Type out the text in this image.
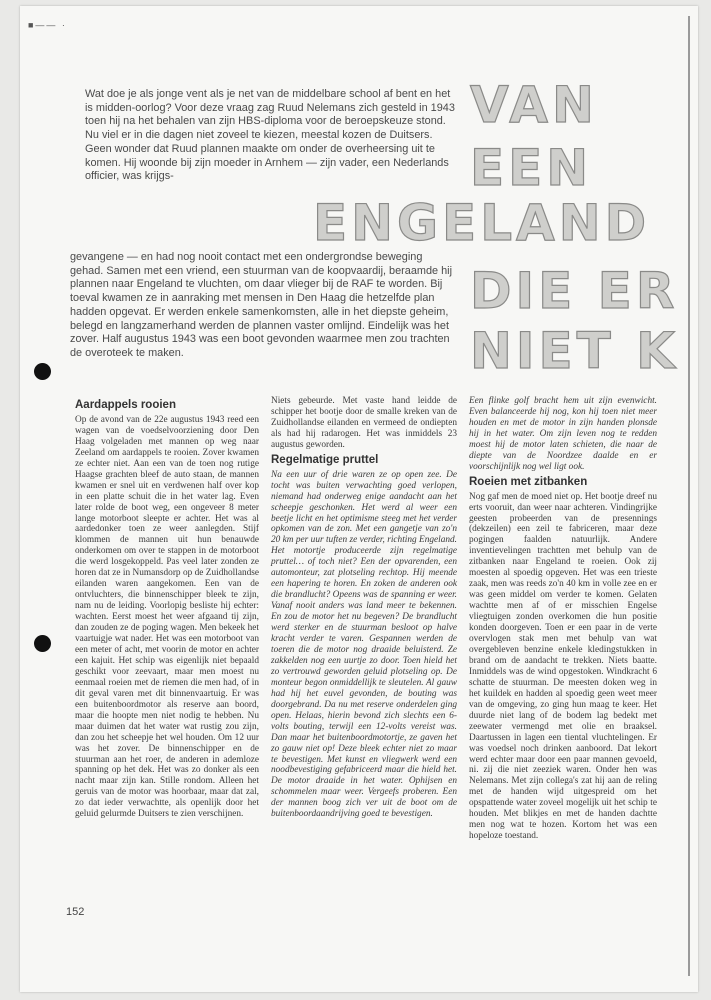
■—— ·

Wat doe je als jonge vent als je net van de middelbare school af bent en het is midden-oorlog? Voor deze vraag zag Ruud Nelemans zich gesteld in 1943 toen hij na het behalen van zijn HBS-diploma voor de beroepskeuze stond. Nu viel er in die dagen niet zoveel te kiezen, meestal kozen de Duitsers. Geen wonder dat Ruud plannen maakte om onder de overheersing uit te komen. Hij woonde bij zijn moeder in Arnhem — zijn vader, een Nederlands officier, was krijgs-

gevangene — en had nog nooit contact met een ondergrondse beweging gehad. Samen met een vriend, een stuurman van de koopvaardij, beraamde hij plannen naar Engeland te vluchten, om daar vlieger bij de RAF te worden. Bij toeval kwamen ze in aanraking met mensen in Den Haag die hetzelfde plan hadden opgevat. Er werden enkele samenkomsten, alle in het diepste geheim, belegd en langzamerhand werden de plannen vaster omlijnd. Eindelijk was het zover. Half augustus 1943 was een boot gevonden waarmee men zou trachten de overoteek te maken.

VAN
EEN
ENGELAND
DIE ER
NIET K
Aardappels rooien

Op de avond van de 22e augustus 1943 reed een wagen van de voedselvoorziening door Den Haag volgeladen met mannen op weg naar Zeeland om aardappels te rooien. Zover kwamen ze echter niet. Aan een van de toen nog rutige Haagse grachten bleef de auto staan, de mannen kwamen er snel uit en verdwenen half over kop in een platte schuit die in het water lag. Even later rolde de boot weg, een ongeveer 8 meter lange motorboot sleepte er achter. Het was al aardedonker toen ze weer aanlegden. Stijf klommen de mannen uit hun benauwde onderkomen om over te stappen in de motorboot die werd losgekoppeld. Pas veel later zonden ze horen dat ze in Numansdorp op de Zuidhollandse eilanden waren aangekomen. Een van de ontvluchters, die binnenschipper bleek te zijn, nam nu de leiding. Voorlopig besliste hij echter: wachten. Eerst moest het weer afgaand tij zijn, dan zouden ze de poging wagen. Men bekeek het vaartuigje wat nader. Het was een motorboot van een meter of acht, met voorin de motor en achter een kajuit. Het schip was eigenlijk niet bepaald geschikt voor zeevaart, maar men moest nu eenmaal roeien met de riemen die men had, of in dit geval varen met dit binnenvaartuig. Er was een buitenboordmotor als reserve aan boord, maar die hoopte men niet nodig te hebben. Nu maar duimen dat het water wat rustig zou zijn, dan zou het scheepje het wel houden. Om 12 uur was het zover. De binnenschipper en de stuurman aan het roer, de anderen in ademloze spanning op het dek. Het was zo donker als een nacht maar zijn kan. Stille rondom. Alleen het geruis van de motor was hoorbaar, maar dat zal, zo dat ieder verwachtte, als openlijk door het geluid gelurmde Duitsers te zien verschijnen.

Niets gebeurde. Met vaste hand leidde de schipper het bootje door de smalle kreken van de Zuidhollandse eilanden en vermeed de ondiepten als had hij radarogen. Het was inmiddels 23 augustus geworden.

Regelmatige pruttel

Na een uur of drie waren ze op open zee. De tocht was buiten verwachting goed verlopen, niemand had onderweg enige aandacht aan het scheepje geschonken. Het werd al weer een beetje licht en het optimisme steeg met het verder opkomen van de zon. Met een gangetje van zo'n 20 km per uur tuften ze verder, richting Engeland. Het motortje produceerde zijn regelmatige pruttel… of toch niet? Een der opvarenden, een automonteur, zat plotseling rechtop. Hij meende een hapering te horen. En zoken de anderen ook die brandlucht? Opeens was de spanning er weer. Vanaf nooit anders was land meer te bekennen. En zou de motor het nu begeven? De brandlucht werd sterker en de stuurman besloot op halve kracht verder te varen. Gespannen werden de toeren die de motor nog draaide beluisterd. Ze zakkelden nog een uurtje zo door. Toen hield het zo vertrouwd geworden geluid plotseling op. De monteur begon onmiddellijk te sleutelen. Al gauw had hij het euvel gevonden, de bouting was doorgebrand. Da nu met reserve onderdelen ging open. Helaas, hierin bevond zich slechts een 6-volts bouting, terwijl een 12-volts vereist was. Dan maar het buitenboordmotortje, ze gaven het zo gauw niet op! Deze bleek echter niet zo maar te bevestigen. Met kunst en vliegwerk werd een noodbevestiging gefabriceerd maar die hield het. De motor draaide in het water. Ophijsen en schommelen maar weer. Vergeefs proberen. Een der mannen boog zich ver uit de boot om de buitenboordaandrijving goed te bevestigen.

Een flinke golf bracht hem uit zijn evenwicht. Even balanceerde hij nog, kon hij toen niet meer houden en met de motor in zijn handen plonsde hij in het water. Om zijn leven nog te redden moest hij de motor laten schieten, die naar de diepte van de Noordzee daalde en er voorschijnlijk nog wel ligt ook.

Roeien met zitbanken

Nog gaf men de moed niet op. Het bootje dreef nu erts vooruit, dan weer naar achteren. Vindingrijke geesten probeerden van de presennings (dekzeilen) een zeil te fabriceren, maar deze pogingen faalden natuurlijk. Andere inventievelingen trachtten met behulp van de zitbanken naar Engeland te roeien. Ook zij moesten al spoedig opgeven. Het was een trieste zaak, men was reeds zo'n 40 km in volle zee en er was geen middel om verder te komen. Gelaten wachtte men af of er misschien Engelse vliegtuigen zonden overkomen die hun positie konden doorgeven. Toen er een paar in de verte overvlogen stak men met behulp van wat overgebleven benzine enkele kledingstukken in brand om de aandacht te trekken. Niets baatte. Inmiddels was de wind opgestoken. Windkracht 6 schatte de stuurman. De meesten doken weg in het kuildek en hadden al spoedig geen weet meer van de omgeving, zo ging hun maag te keer. Het duurde niet lang of de bodem lag bedekt met zeewater vermengd met olie en braaksel. Daartussen in lagen een tiental vluchtelingen. Er was voedsel noch drinken aanboord. Dat lekort werd echter maar door een paar mannen gevoeld, ni. zij die niet zeeziek waren. Onder hen was Nelemans. Met zijn collega's zat hij aan de reling met de handen wijd uitgespreid om het opspattende water zoveel mogelijk uit het schip te houden. Met blikjes en met de handen dachtte men nog wat te hozen. Kortom het was een hopeloze toestand.

152
